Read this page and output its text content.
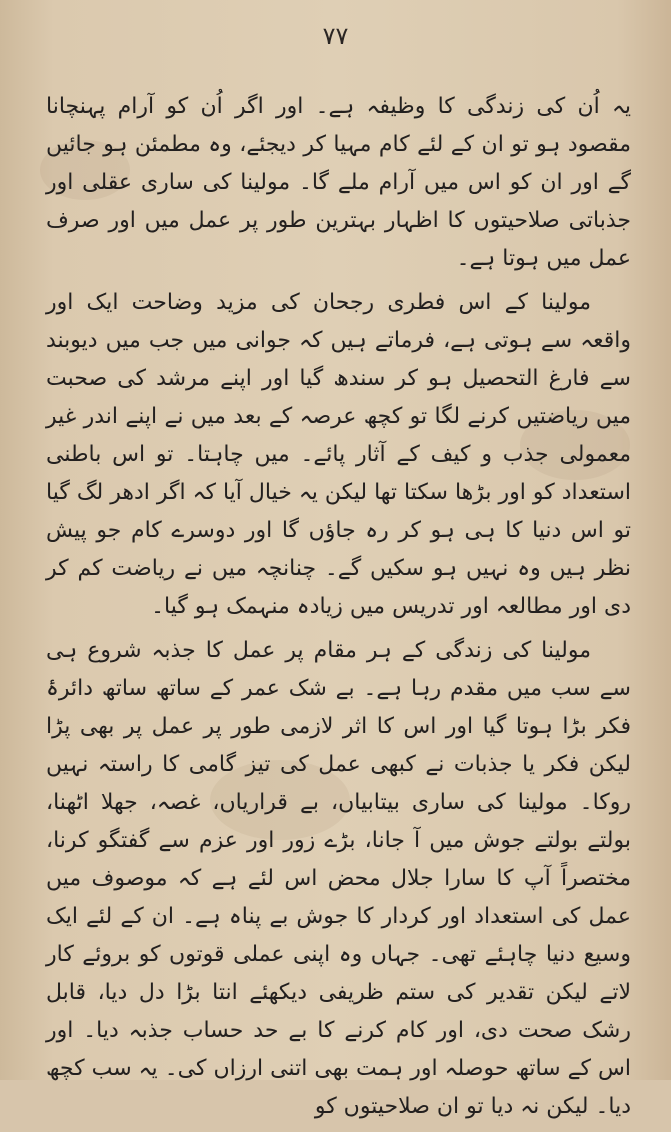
٧٧

یہ اُن کی زندگی کا وظیفہ ہے۔ اور اگر اُن کو آرام پہنچانا مقصود ہو تو ان کے لئے کام مہیا کر دیجئے، وہ مطمئن ہو جائیں گے اور ان کو اس میں آرام ملے گا۔ مولینا کی ساری عقلی اور جذباتی صلاحیتوں کا اظہار بہترین طور پر عمل میں اور صرف عمل میں ہوتا ہے۔

مولینا کے اس فطری رجحان کی مزید وضاحت ایک اور واقعہ سے ہوتی ہے، فرماتے ہیں کہ جوانی میں جب میں دیوبند سے فارغ التحصیل ہو کر سندھ گیا اور اپنے مرشد کی صحبت میں ریاضتیں کرنے لگا تو کچھ عرصہ کے بعد میں نے اپنے اندر غیر معمولی جذب و کیف کے آثار پائے۔ میں چاہتا۔ تو اس باطنی استعداد کو اور بڑھا سکتا تھا لیکن یہ خیال آیا کہ اگر ادھر لگ گیا تو اس دنیا کا ہی ہو کر رہ جاؤں گا اور دوسرے کام جو پیش نظر ہیں وہ نہیں ہو سکیں گے۔ چنانچہ میں نے ریاضت کم کر دی اور مطالعہ اور تدریس میں زیادہ منہمک ہو گیا۔

مولینا کی زندگی کے ہر مقام پر عمل کا جذبہ شروع ہی سے سب میں مقدم رہا ہے۔ بے شک عمر کے ساتھ ساتھ دائرۂ فکر بڑا ہوتا گیا اور اس کا اثر لازمی طور پر عمل پر بھی پڑا لیکن فکر یا جذبات نے کبھی عمل کی تیز گامی کا راستہ نہیں روکا۔ مولینا کی ساری بیتابیاں، بے قراریاں، غصہ، جھلا اٹھنا، بولتے بولتے جوش میں آ جانا، بڑے زور اور عزم سے گفتگو کرنا، مختصراً آپ کا سارا جلال محض اس لئے ہے کہ موصوف میں عمل کی استعداد اور کردار کا جوش بے پناہ ہے۔ ان کے لئے ایک وسیع دنیا چاہئے تھی۔ جہاں وہ اپنی عملی قوتوں کو بروئے کار لاتے لیکن تقدیر کی ستم ظریفی دیکھئے انتا بڑا دل دیا، قابل رشک صحت دی، اور کام کرنے کا بے حد حساب جذبہ دیا۔ اور اس کے ساتھ حوصلہ اور ہمت بھی اتنی ارزاں کی۔ یہ سب کچھ دیا۔ لیکن نہ دیا تو ان صلاحیتوں کو
